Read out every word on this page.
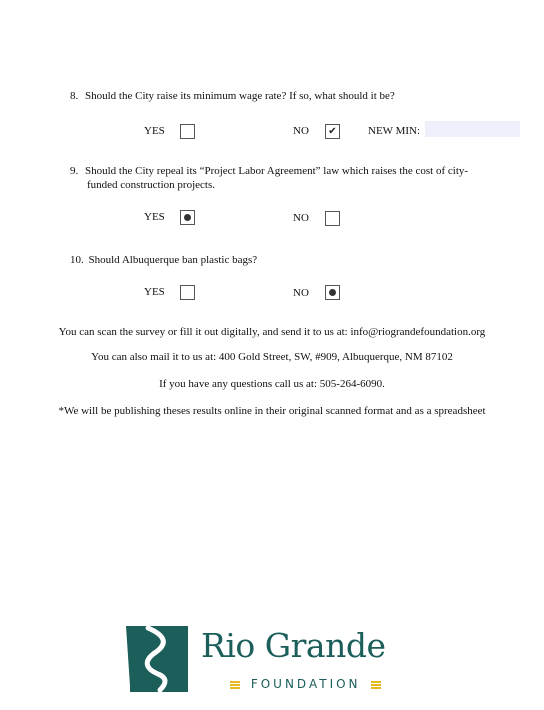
8. Should the City raise its minimum wage rate? If so, what should it be?
YES	NO ✔	NEW MIN:
9. Should the City repeal its “Project Labor Agreement” law which raises the cost of city-
funded construction projects.
YES	NO
10. Should Albuquerque ban plastic bags?
YES	NO
You can scan the survey or fill it out digitally, and send it to us at: info@riograndefoundation.org
You can also mail it to us at: 400 Gold Street, SW, #909, Albuquerque, NM 87102
If you have any questions call us at: 505-264-6090.
*We will be publishing theses results online in their original scanned format and as a spreadsheet
Rio Grande
FOUNDATION
